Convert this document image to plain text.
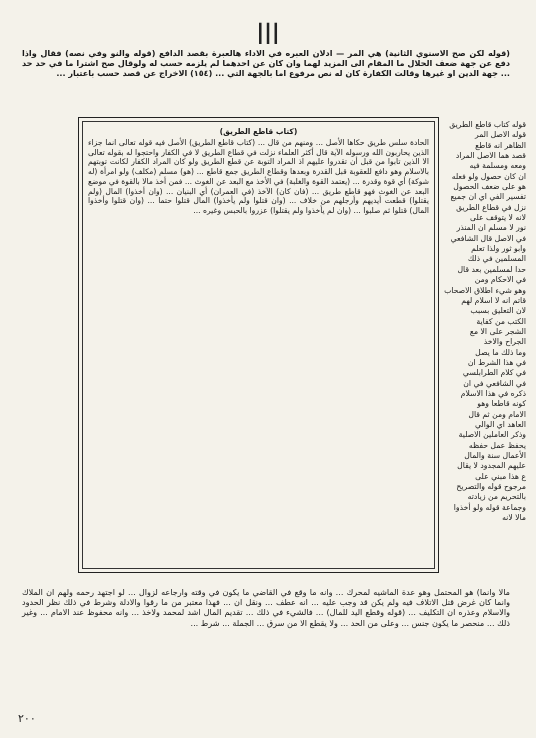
ااا
(قوله لكن صح الاسنوي الثانية) هي المر — ادلان العبره في الاداء هالعبرة بقصد الدافع (قوله والنو وفي نصه) فقال واذا دفع عن جهة ضعف الحلال ما المقام الى المزيد لهما وان كان عن احدهما لم يلزمه حسب له ولوقال صح اشترا ما في حد حد ... جهة الدين او غيرها وقالت الكفارة كان له نص مرفوع اما بالجهة التي ... (١٥٤) الاخراج عن قصد حسب باعتبار ...
(كتاب قاطع الطريق)
الحادة سلس طريق حكاها الأصل ... ومنهم من قال ... (كتاب قاطع الطريق) الأصل فيه قوله تعالى انما جزاء الذين يحاربون الله ورسوله الآية قال أكثر العلماء نزلت في قطاع الطريق لا في الكفار واحتجوا له بقوله تعالى الا الذين تابوا من قبل أن تقدروا عليهم اذ المراد التوبة عن قطع الطريق ولو كان المراد الكفار لكانت توبتهم بالاسلام وهو دافع للعقوبة قبل القدرة وبعدها وقطاع الطريق جمع قاطع ... (هو) مسلم (مكلف) ولو امرأة (له شوكة) أي قوة وقدرة ... (يعتمد القوة والغلبة) في الأخذ مع البعد عن الغوث ... فمن أخذ مالا بالقوة في موضع البعد عن الغوث فهو قاطع طريق ... (فان كان) الآخذ (في العمران) أي البنيان ... (وان أخذوا) المال (ولم يقتلوا) قطعت أيديهم وأرجلهم من خلاف ... (وان قتلوا ولم يأخذوا) المال قتلوا حتما ... (وان قتلوا وأخذوا المال) قتلوا ثم صلبوا ... (وان لم يأخذوا ولم يقتلوا) عزروا بالحبس وغيره ...
قوله كتاب قاطع الطريق
قوله الاصل المر
الظاهر انه قاطع
قصد هما الاصل المراد
ومعه ومسلمة فيه
ان كان حصول ولو فعله
هو على ضعف الحصول
تفسير الفي اي ان جميع
نزل في قطاع الطريق
لانه لا يتوقف على
نور لا مسلم ان المنذر
في الاصل قال الشافعي
وابو ثور ولذا تعلم
المسلمين في ذلك
حدا لمسلمين بعد قال
في الاحكام ومن
وهو شيء اطلاق الاصحاب
قاتم انه لا اسلام لهم
لان التعليق بسبب
الكتب من كفاية
الشجر على الا مع
الجراح والاخذ
وما ذلك ما يصل
في هذا الشرط ان
في كلام الطرابلسي
في الشافعي في ان
ذكره في هذا الاسلام
كونه قاطعا وهو
الامام ومن ثم قال
العاهد اي الوالي
وذكر العاملين الاصلية
يحفظ عمل حفظه
الأعمال سنة والمال
عليهم المجدود لا يقال
ع هذا مبني على
مرجوح قوله والتصريح
بالتحريم من زيادته
وجماعة قوله ولو أخذوا
مالا لانه
مالا وانما) هو المحتمل وهو عدة الماشيه لمحرك ... وانه ما وقع في القاضي ما يكون في وقته وارجاعه لزوال ... لو اجتهد رحمه ولهم ان الملاك وانما كان غرض قتل الاتلاف فيه ولم يكن قد وجب عليه ... انه عطف ... ونقل ان ... فهذا معتبر من ما رقوا والادلة وشرط في ذلك نظر الحدود والاسلام وعذره ان التكليف ... (قوله وقطع اليد للمال) ... فالشيء في ذلك ... تقديم المال اشد لمحمد ولاخذ ... وانه محفوظ عند الامام ... وغير ذلك ... منحصر ما يكون جنس ... وعلى من الحد ... ولا يقطع الا من سرق ... الجملة ... شرط ...
٢٠٠
